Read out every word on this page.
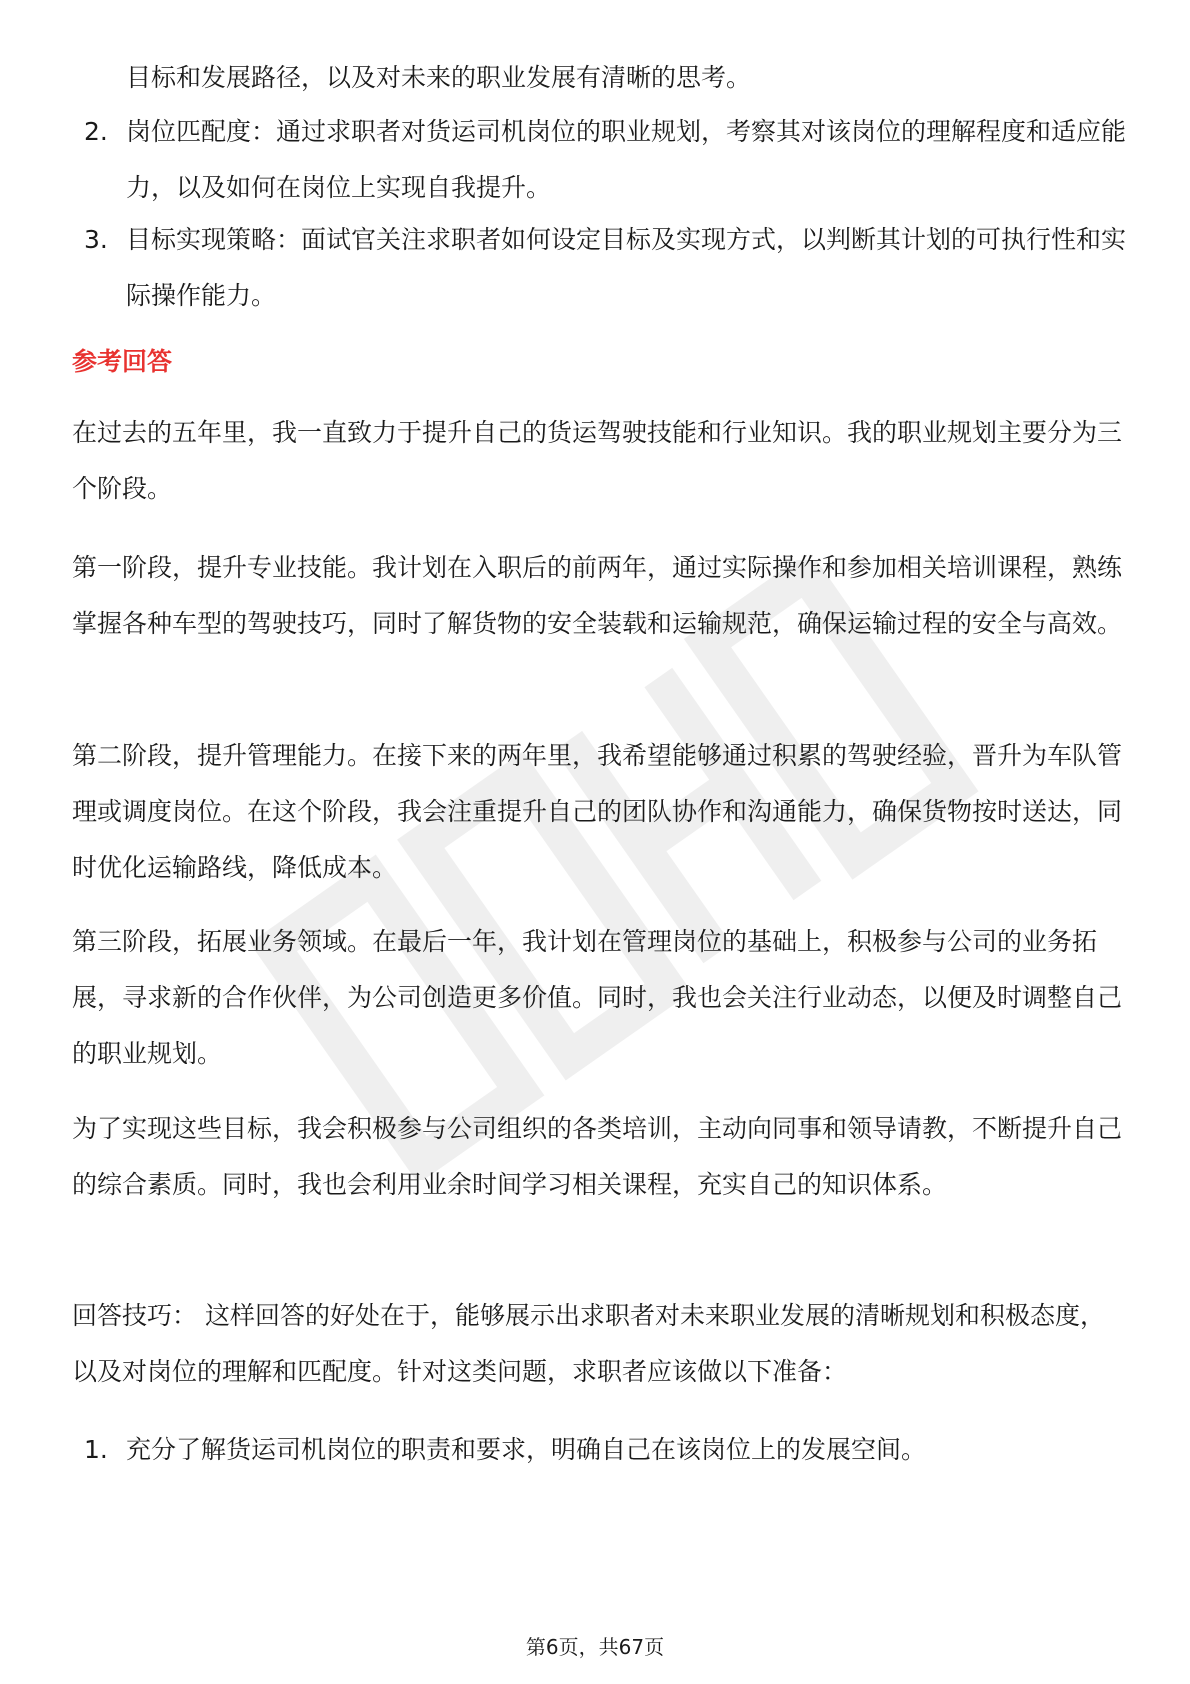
目标和发展路径，以及对未来的职业发展有清晰的思考。
2. 岗位匹配度：通过求职者对货运司机岗位的职业规划，考察其对该岗位的理解程度和适应能力，以及如何在岗位上实现自我提升。
3. 目标实现策略：面试官关注求职者如何设定目标及实现方式，以判断其计划的可执行性和实际操作能力。
参考回答
在过去的五年里，我一直致力于提升自己的货运驾驶技能和行业知识。我的职业规划主要分为三个阶段。
第一阶段，提升专业技能。我计划在入职后的前两年，通过实际操作和参加相关培训课程，熟练掌握各种车型的驾驶技巧，同时了解货物的安全装载和运输规范，确保运输过程的安全与高效。
第二阶段，提升管理能力。在接下来的两年里，我希望能够通过积累的驾驶经验，晋升为车队管理或调度岗位。在这个阶段，我会注重提升自己的团队协作和沟通能力，确保货物按时送达，同时优化运输路线，降低成本。
第三阶段，拓展业务领域。在最后一年，我计划在管理岗位的基础上，积极参与公司的业务拓展，寻求新的合作伙伴，为公司创造更多价值。同时，我也会关注行业动态，以便及时调整自己的职业规划。
为了实现这些目标，我会积极参与公司组织的各类培训，主动向同事和领导请教，不断提升自己的综合素质。同时，我也会利用业余时间学习相关课程，充实自己的知识体系。
回答技巧： 这样回答的好处在于，能够展示出求职者对未来职业发展的清晰规划和积极态度，以及对岗位的理解和匹配度。针对这类问题，求职者应该做以下准备：
1. 充分了解货运司机岗位的职责和要求，明确自己在该岗位上的发展空间。
第6页，共67页
